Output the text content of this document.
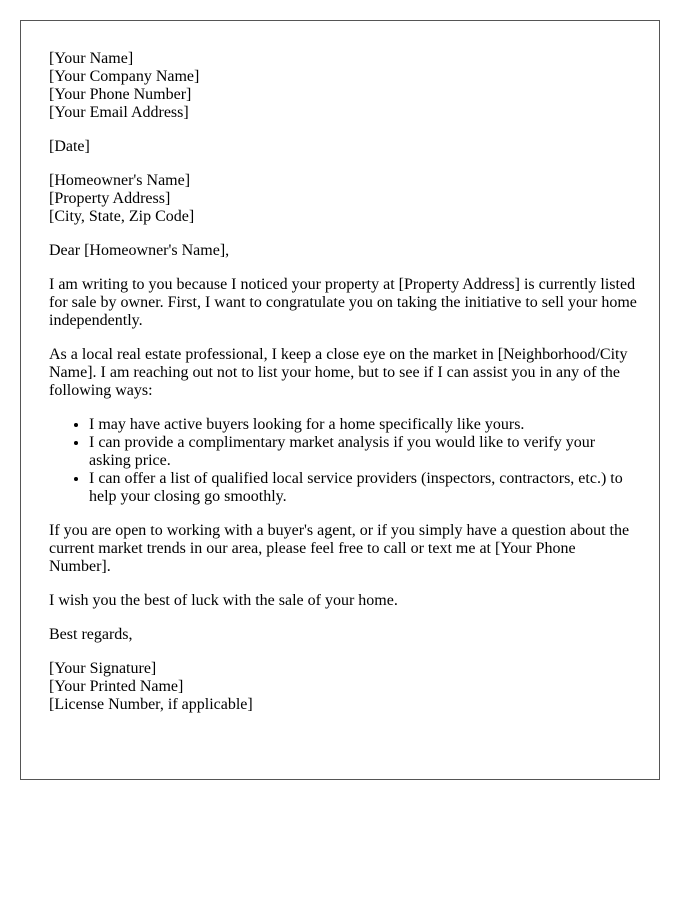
[Your Name]
[Your Company Name]
[Your Phone Number]
[Your Email Address]
[Date]
[Homeowner's Name]
[Property Address]
[City, State, Zip Code]

Dear [Homeowner's Name],

I am writing to you because I noticed your property at [Property Address] is currently listed for sale by owner. First, I want to congratulate you on taking the initiative to sell your home independently.

As a local real estate professional, I keep a close eye on the market in [Neighborhood/City Name]. I am reaching out not to list your home, but to see if I can assist you in any of the following ways:

• I may have active buyers looking for a home specifically like yours.
• I can provide a complimentary market analysis if you would like to verify your asking price.
• I can offer a list of qualified local service providers (inspectors, contractors, etc.) to help your closing go smoothly.

If you are open to working with a buyer's agent, or if you simply have a question about the current market trends in our area, please feel free to call or text me at [Your Phone Number].

I wish you the best of luck with the sale of your home.

Best regards,

[Your Signature]
[Your Printed Name]
[License Number, if applicable]
